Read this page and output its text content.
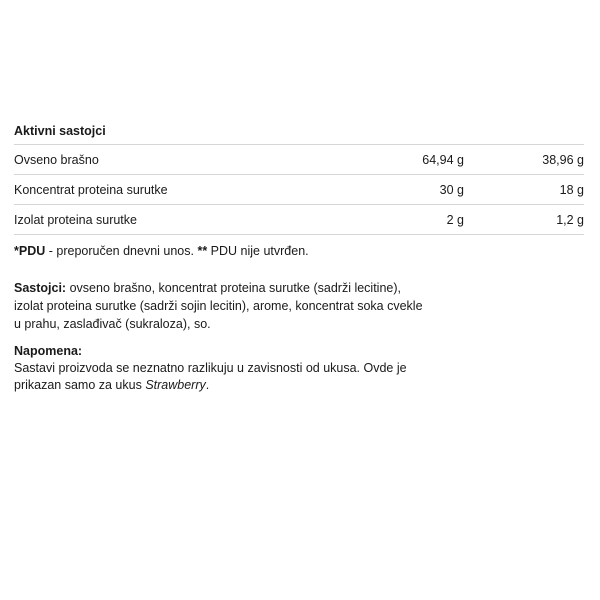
Aktivni sastojci
Ovseno brašno	64,94 g	38,96 g
Koncentrat proteina surutke	30 g	18 g
Izolat proteina surutke	2 g	1,2 g
*PDU - preporučen dnevni unos. ** PDU nije utvrđen.
Sastojci: ovseno brašno, koncentrat proteina surutke (sadrži lecitine), izolat proteina surutke (sadrži sojin lecitin), arome, koncentrat soka cvekle u prahu, zaslađivač (sukraloza), so.
Napomena:
Sastavi proizvoda se neznatno razlikuju u zavisnosti od ukusa. Ovde je prikazan samo za ukus Strawberry.
